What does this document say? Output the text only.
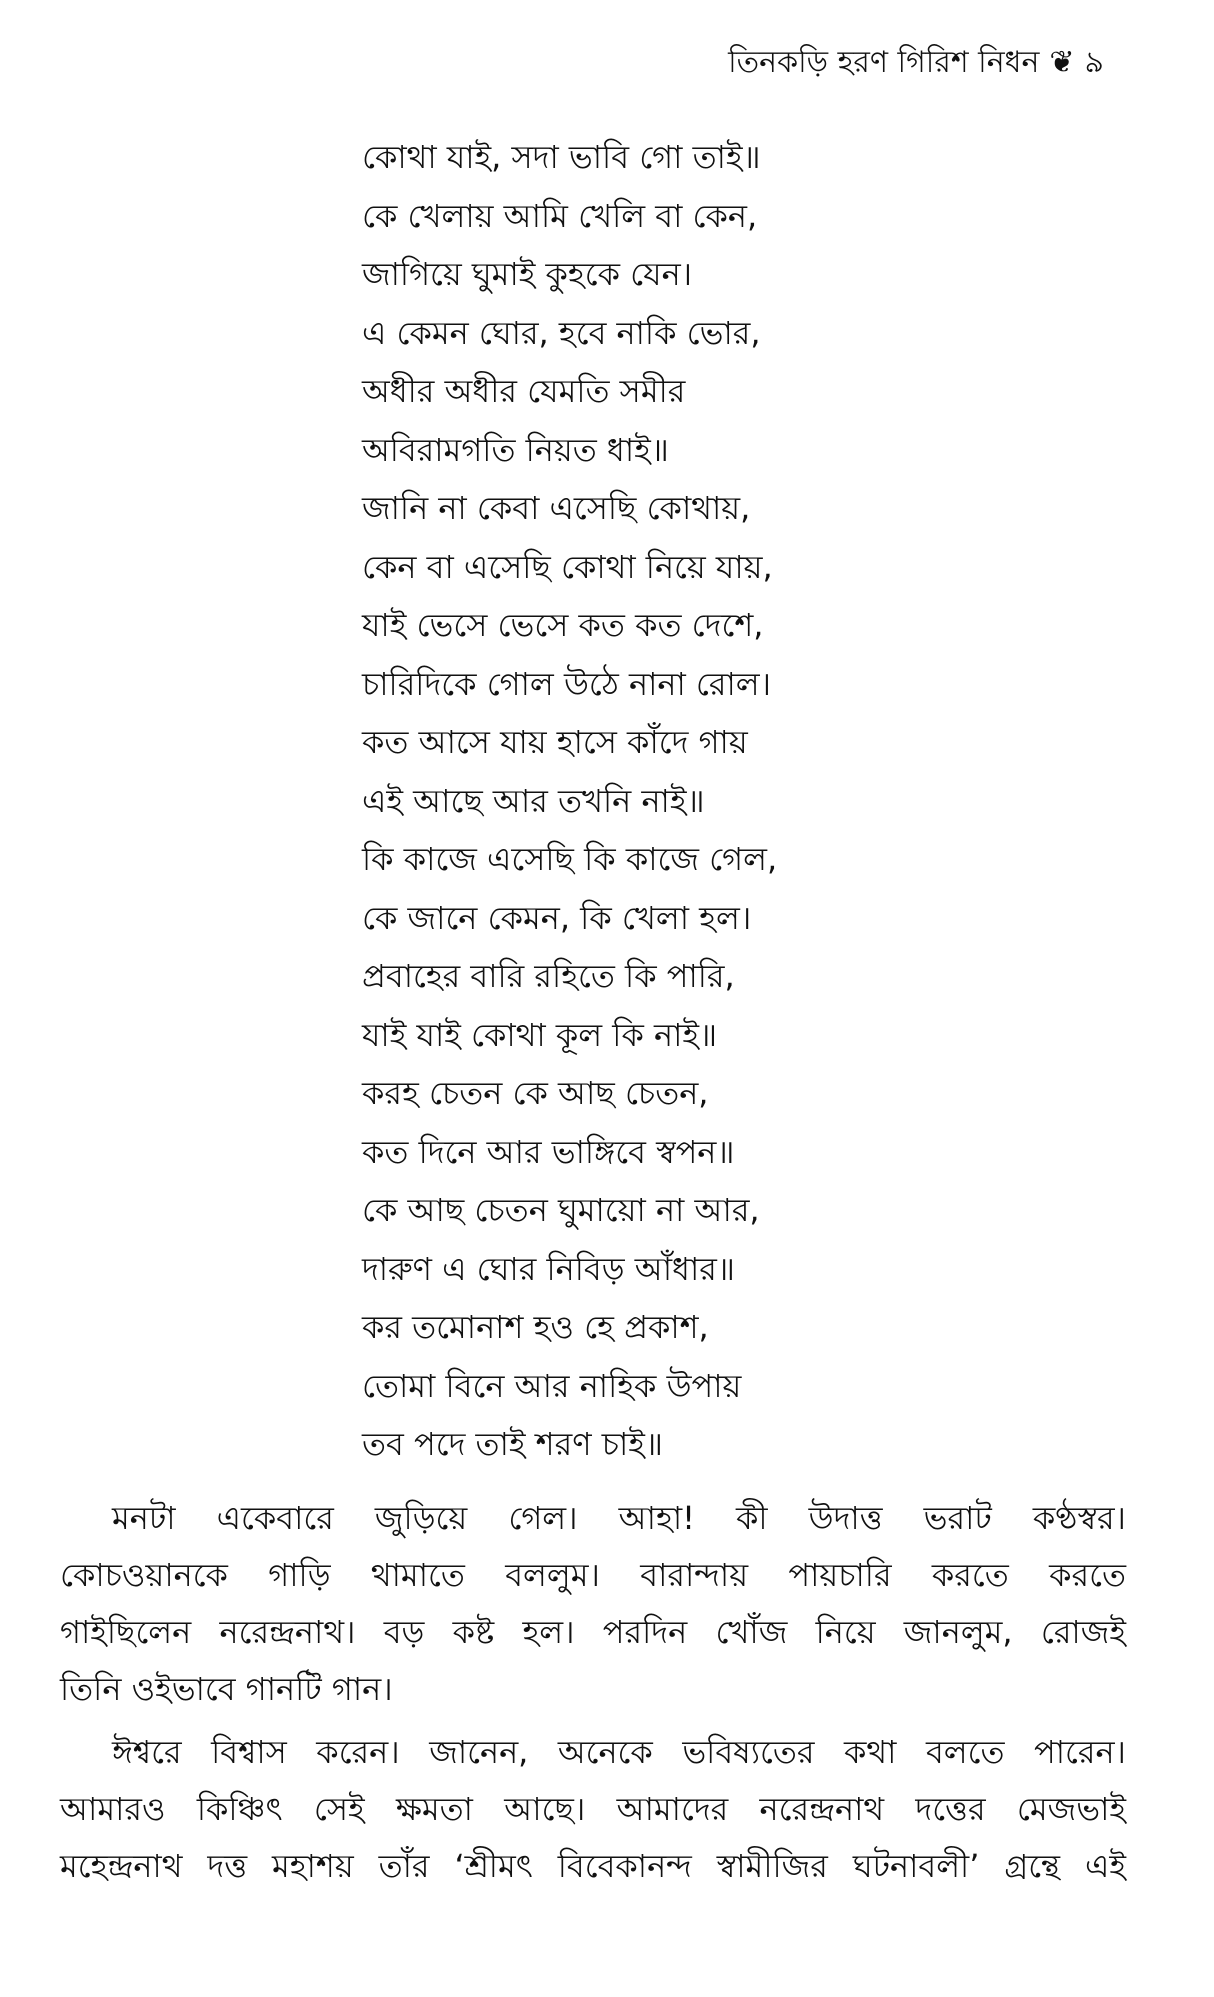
তিনকড়ি হরণ গিরিশ নিধন ❦ ৯
কোথা যাই, সদা ভাবি গো তাই॥
কে খেলায় আমি খেলি বা কেন,
জাগিয়ে ঘুমাই কুহকে যেন।
এ কেমন ঘোর, হবে নাকি ভোর,
অধীর অধীর যেমতি সমীর
অবিরামগতি নিয়ত ধাই॥
জানি না কেবা এসেছি কোথায়,
কেন বা এসেছি কোথা নিয়ে যায়,
যাই ভেসে ভেসে কত কত দেশে,
চারিদিকে গোল উঠে নানা রোল।
কত আসে যায় হাসে কাঁদে গায়
এই আছে আর তখনি নাই॥
কি কাজে এসেছি কি কাজে গেল,
কে জানে কেমন, কি খেলা হল।
প্রবাহের বারি রহিতে কি পারি,
যাই যাই কোথা কূল কি নাই॥
করহ চেতন কে আছ চেতন,
কত দিনে আর ভাঙ্গিবে স্বপন॥
কে আছ চেতন ঘুমায়ো না আর,
দারুণ এ ঘোর নিবিড় আঁধার॥
কর তমোনাশ হও হে প্রকাশ,
তোমা বিনে আর নাহিক উপায়
তব পদে তাই শরণ চাই॥
মনটা একেবারে জুড়িয়ে গেল। আহা! কী উদাত্ত ভরাট কণ্ঠস্বর।
কোচওয়ানকে গাড়ি থামাতে বললুম। বারান্দায় পায়চারি করতে করতে
গাইছিলেন নরেন্দ্রনাথ। বড় কষ্ট হল। পরদিন খোঁজ নিয়ে জানলুম, রোজই
তিনি ওইভাবে গানটি গান।
ঈশ্বরে বিশ্বাস করেন। জানেন, অনেকে ভবিষ্যতের কথা বলতে পারেন।
আমারও কিঞ্চিৎ সেই ক্ষমতা আছে। আমাদের নরেন্দ্রনাথ দত্তের মেজভাই
মহেন্দ্রনাথ দত্ত মহাশয় তাঁর ‘শ্রীমৎ বিবেকানন্দ স্বামীজির ঘটনাবলী’ গ্রন্থে এই
